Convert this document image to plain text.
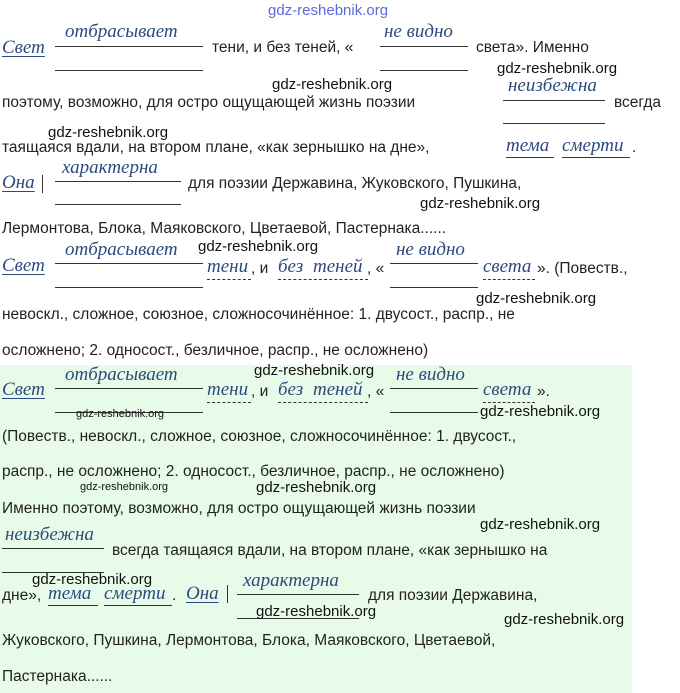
gdz-reshebnik.org
Свет
отбрасывает
тени, и без теней, «
не видно
света». Именно
gdz-reshebnik.org
gdz-reshebnik.org
поэтому, возможно, для остро ощущающей жизнь поэзии
неизбежна
всегда
gdz-reshebnik.org
таящаяся вдали, на втором плане, «как зернышко на дне»,	тема смерти .
Она
характерна
для поэзии Державина, Жуковского, Пушкина,
gdz-reshebnik.org
Лермонтова, Блока, Маяковского, Цветаевой, Пастернака......
Свет
отбрасывает gdz-reshebnik.org
тени , и без теней , «
не видно
света ». (Повеств.,
gdz-reshebnik.org
невоскл., сложное, союзное, сложносочинённое: 1. двусост., распр., не
осложнено; 2. односост., безличное, распр., не осложнено)
gdz-reshebnik.org
Свет
отбрасывает
gdz-reshebnik.org
тени , и без теней , «
не видно
света ».
gdz-reshebnik.org
(Повеств., невоскл., сложное, союзное, сложносочинённое: 1. двусост.,
распр., не осложнено; 2. односост., безличное, распр., не осложнено)
gdz-reshebnik.org	gdz-reshebnik.org
Именно поэтому, возможно, для остро ощущающей жизнь поэзии
gdz-reshebnik.org
неизбежна
всегда таящаяся вдали, на втором плане, «как зернышко на
gdz-reshebnik.org
дне», тема смерти . Она
характерна
gdz-reshebnik.org
для поэзии Державина,
gdz-reshebnik.org
Жуковского, Пушкина, Лермонтова, Блока, Маяковского, Цветаевой,
Пастернака......
